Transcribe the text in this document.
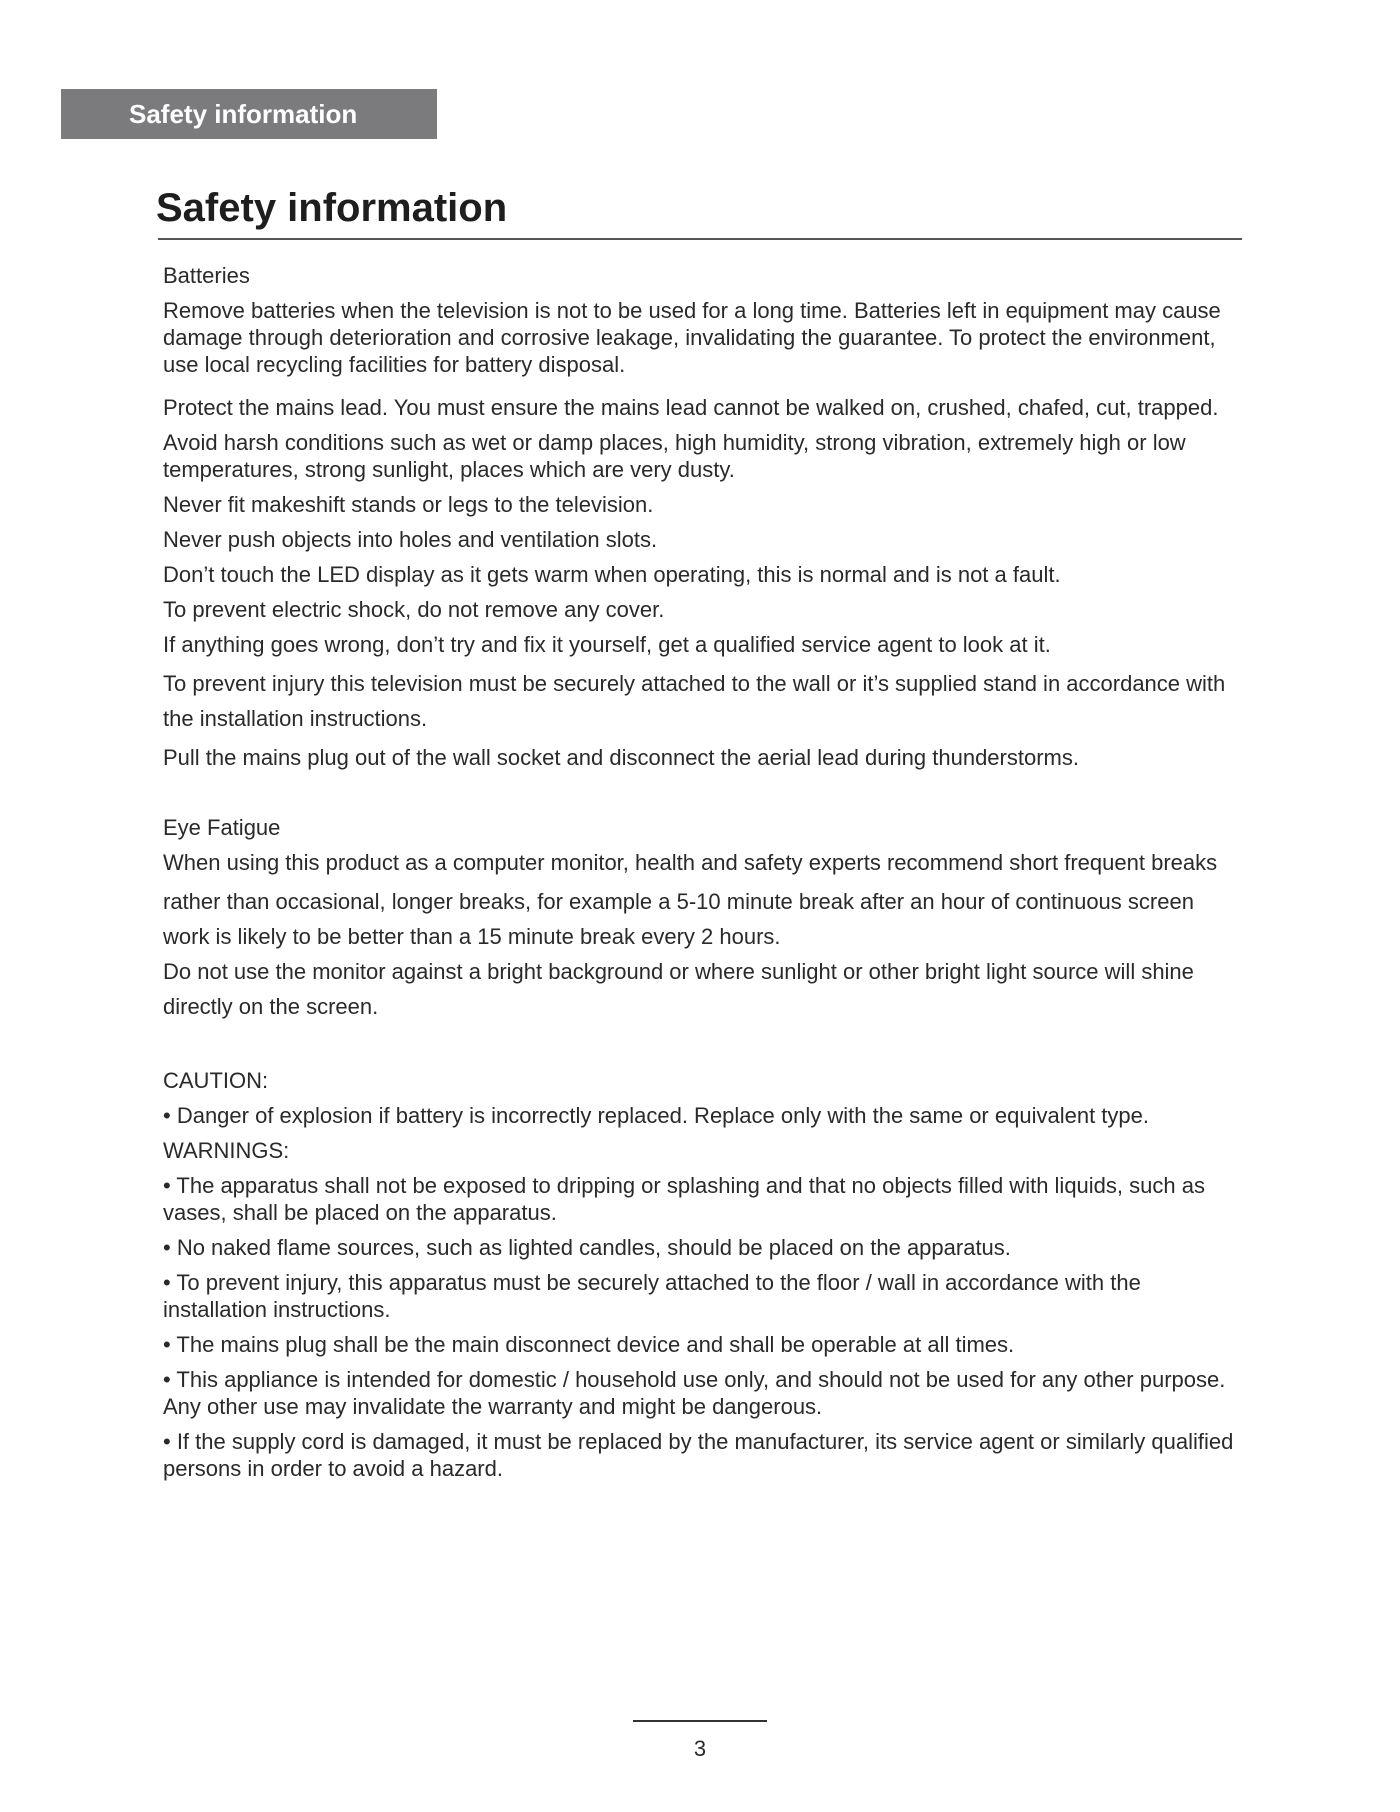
Safety information
Safety information

Batteries

Remove batteries when the television is not to be used for a long time. Batteries left in equipment may cause damage through deterioration and corrosive leakage, invalidating the guarantee. To protect the environment, use local recycling facilities for battery disposal.

Protect the mains lead. You must ensure the mains lead cannot be walked on, crushed, chafed, cut, trapped.

Avoid harsh conditions such as wet or damp places, high humidity, strong vibration, extremely high or low temperatures, strong sunlight, places which are very dusty.

Never fit makeshift stands or legs to the television.

Never push objects into holes and ventilation slots.

Don’t touch the LED display as it gets warm when operating, this is normal and is not a fault.

To prevent electric shock, do not remove any cover.

If anything goes wrong, don’t try and fix it yourself, get a qualified service agent to look at it.

To prevent injury this television must be securely attached to the wall or it’s supplied stand in accordance with the installation instructions.

Pull the mains plug out of the wall socket and disconnect the aerial lead during thunderstorms.

Eye Fatigue

When using this product as a computer monitor, health and safety experts recommend short frequent breaks

rather than occasional, longer breaks, for example a 5-10 minute break after an hour of continuous screen work is likely to be better than a 15 minute break every 2 hours.

Do not use the monitor against a bright background or where sunlight or other bright light source will shine directly on the screen.

CAUTION:

• Danger of explosion if battery is incorrectly replaced. Replace only with the same or equivalent type.

WARNINGS:

• The apparatus shall not be exposed to dripping or splashing and that no objects filled with liquids, such as vases, shall be placed on the apparatus.

• No naked flame sources, such as lighted candles, should be placed on the apparatus.

• To prevent injury, this apparatus must be securely attached to the floor / wall in accordance with the installation instructions.

• The mains plug shall be the main disconnect device and shall be operable at all times.

• This appliance is intended for domestic / household use only, and should not be used for any other purpose. Any other use may invalidate the warranty and might be dangerous.

• If the supply cord is damaged, it must be replaced by the manufacturer, its service agent or similarly qualified persons in order to avoid a hazard.

3
